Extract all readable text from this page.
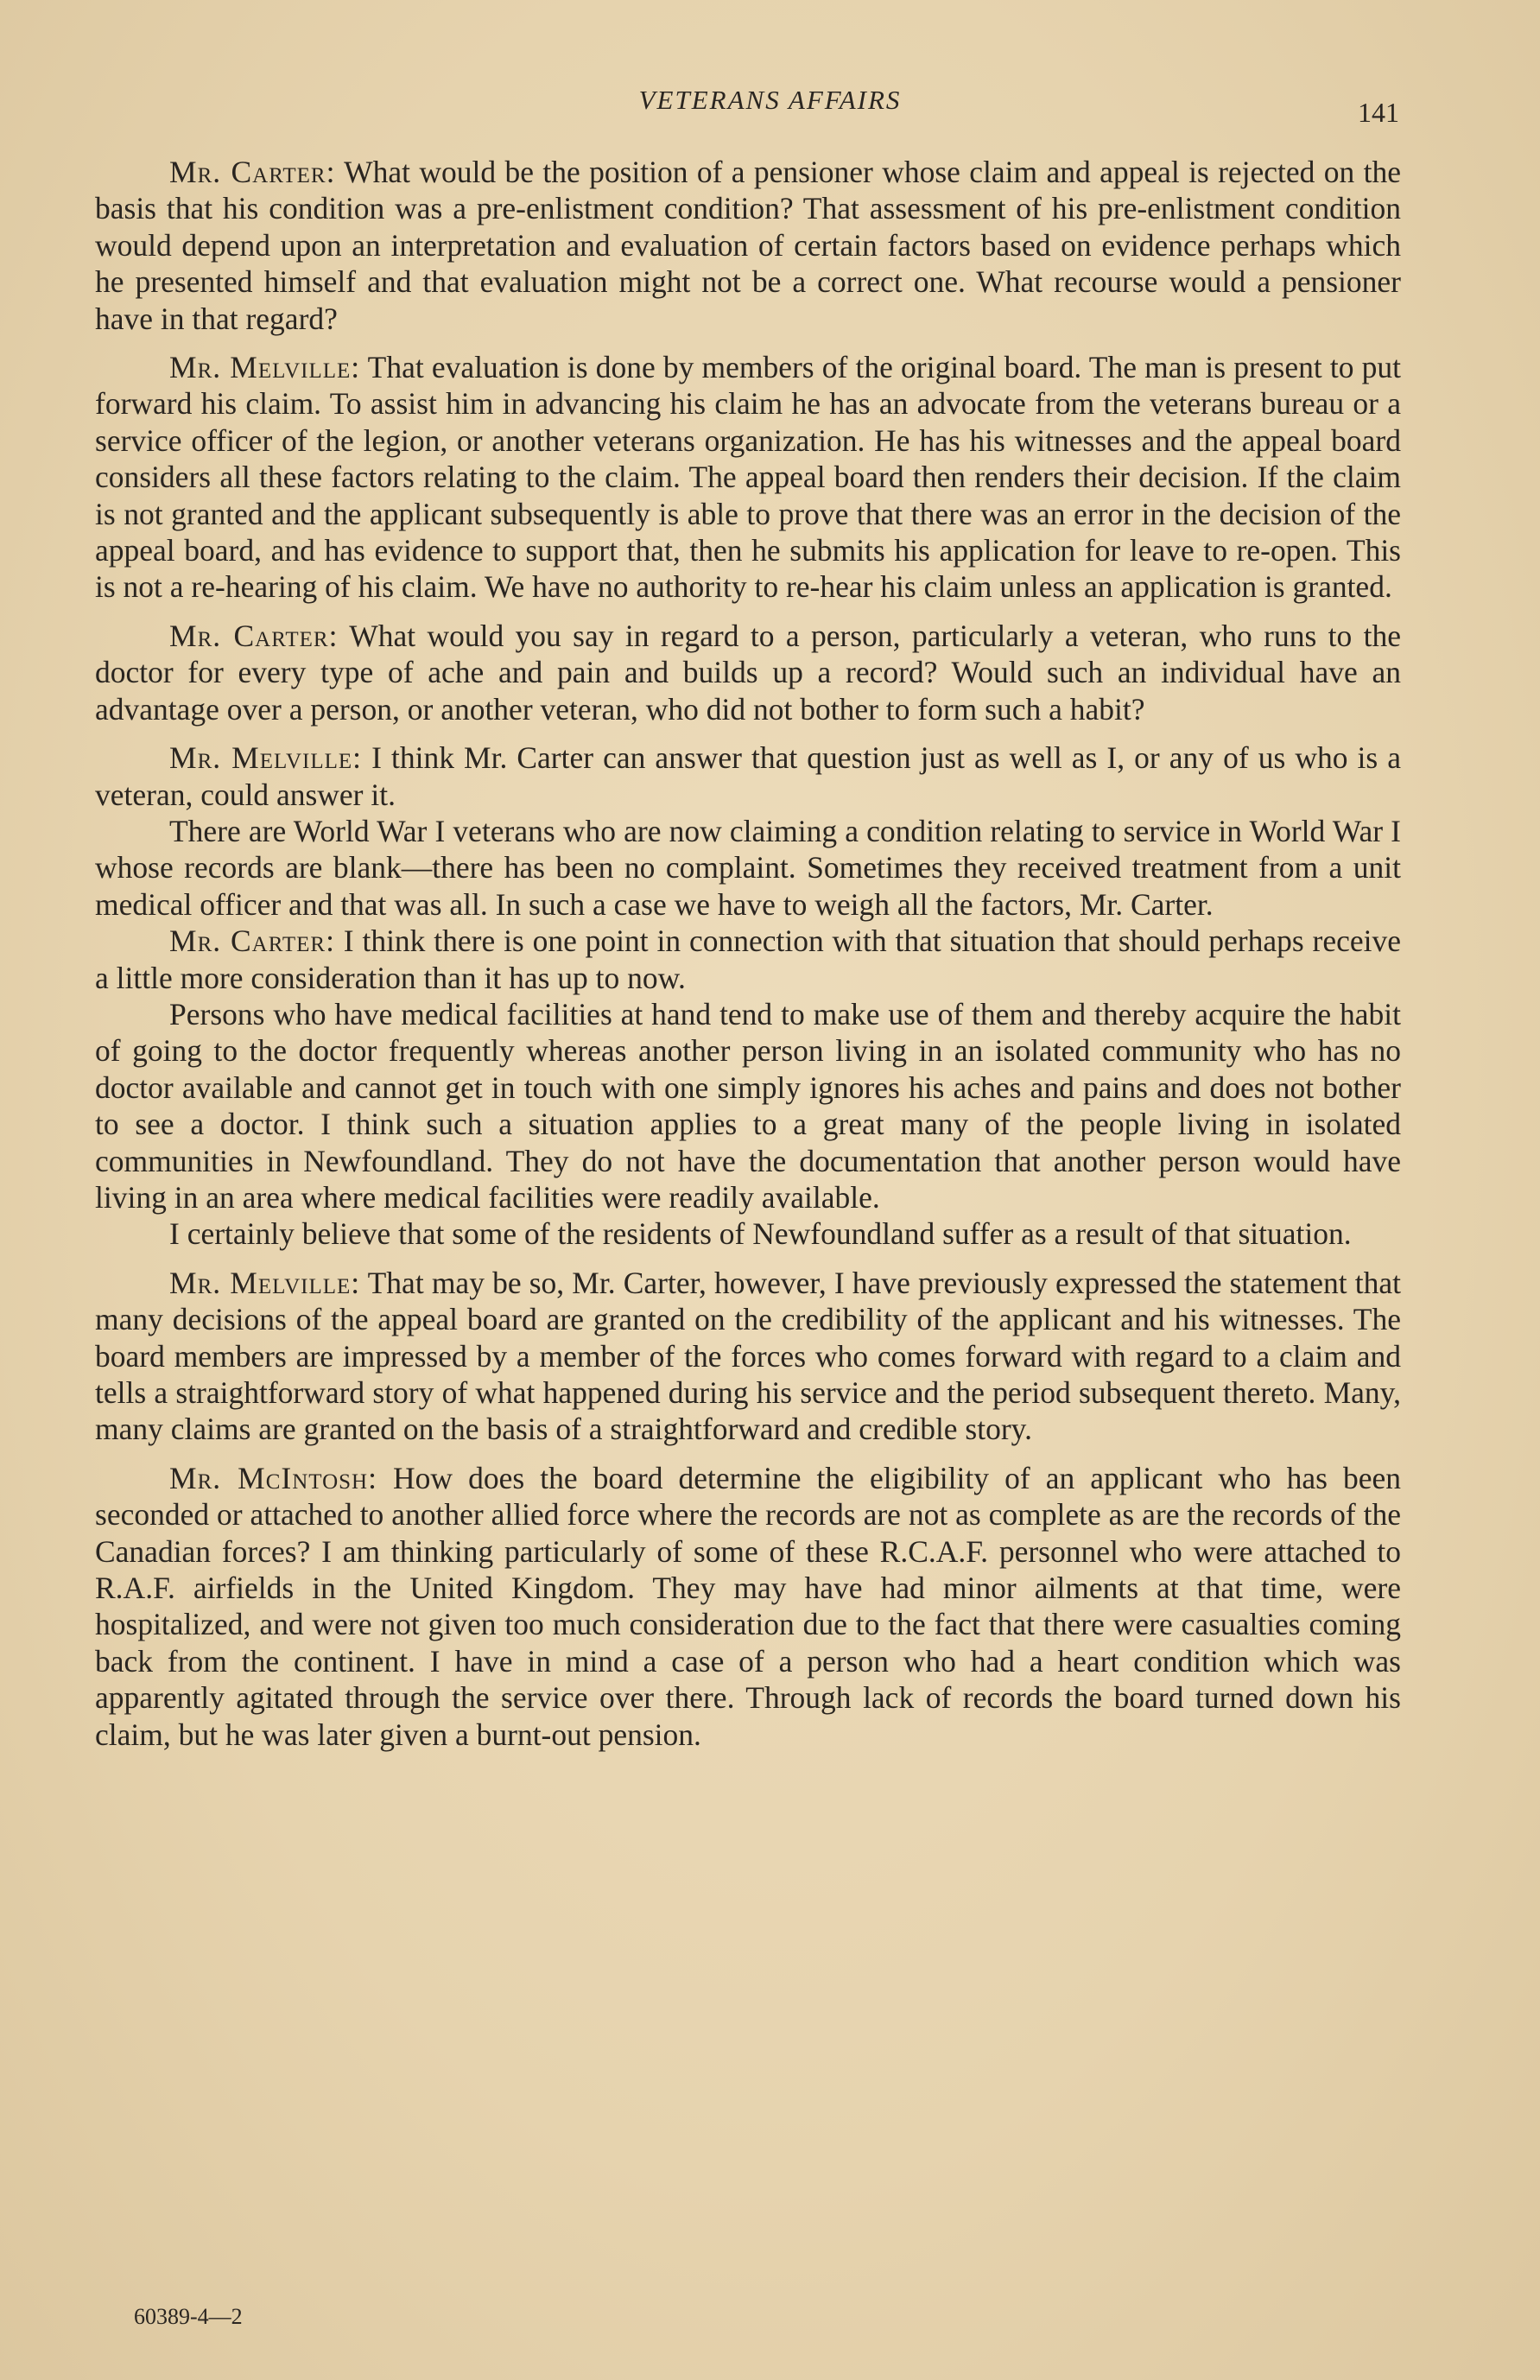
VETERANS AFFAIRS	141

Mr. Carter: What would be the position of a pensioner whose claim and appeal is rejected on the basis that his condition was a pre-enlistment condition? That assessment of his pre-enlistment condition would depend upon an interpretation and evaluation of certain factors based on evidence perhaps which he presented himself and that evaluation might not be a correct one. What recourse would a pensioner have in that regard?

Mr. Melville: That evaluation is done by members of the original board. The man is present to put forward his claim. To assist him in advancing his claim he has an advocate from the veterans bureau or a service officer of the legion, or another veterans organization. He has his witnesses and the appeal board considers all these factors relating to the claim. The appeal board then renders their decision. If the claim is not granted and the applicant subsequently is able to prove that there was an error in the decision of the appeal board, and has evidence to support that, then he submits his application for leave to re-open. This is not a re-hearing of his claim. We have no authority to re-hear his claim unless an application is granted.

Mr. Carter: What would you say in regard to a person, particularly a veteran, who runs to the doctor for every type of ache and pain and builds up a record? Would such an individual have an advantage over a person, or another veteran, who did not bother to form such a habit?

Mr. Melville: I think Mr. Carter can answer that question just as well as I, or any of us who is a veteran, could answer it.

There are World War I veterans who are now claiming a condition relating to service in World War I whose records are blank—there has been no complaint. Sometimes they received treatment from a unit medical officer and that was all. In such a case we have to weigh all the factors, Mr. Carter.

Mr. Carter: I think there is one point in connection with that situation that should perhaps receive a little more consideration than it has up to now.

Persons who have medical facilities at hand tend to make use of them and thereby acquire the habit of going to the doctor frequently whereas another person living in an isolated community who has no doctor available and cannot get in touch with one simply ignores his aches and pains and does not bother to see a doctor. I think such a situation applies to a great many of the people living in isolated communities in Newfoundland. They do not have the documentation that another person would have living in an area where medical facilities were readily available.

I certainly believe that some of the residents of Newfoundland suffer as a result of that situation.

Mr. Melville: That may be so, Mr. Carter, however, I have previously expressed the statement that many decisions of the appeal board are granted on the credibility of the applicant and his witnesses. The board members are impressed by a member of the forces who comes forward with regard to a claim and tells a straightforward story of what happened during his service and the period subsequent thereto. Many, many claims are granted on the basis of a straightforward and credible story.

Mr. McIntosh: How does the board determine the eligibility of an applicant who has been seconded or attached to another allied force where the records are not as complete as are the records of the Canadian forces? I am thinking particularly of some of these R.C.A.F. personnel who were attached to R.A.F. airfields in the United Kingdom. They may have had minor ailments at that time, were hospitalized, and were not given too much consideration due to the fact that there were casualties coming back from the continent. I have in mind a case of a person who had a heart condition which was apparently agitated through the service over there. Through lack of records the board turned down his claim, but he was later given a burnt-out pension.

60389-4—2
